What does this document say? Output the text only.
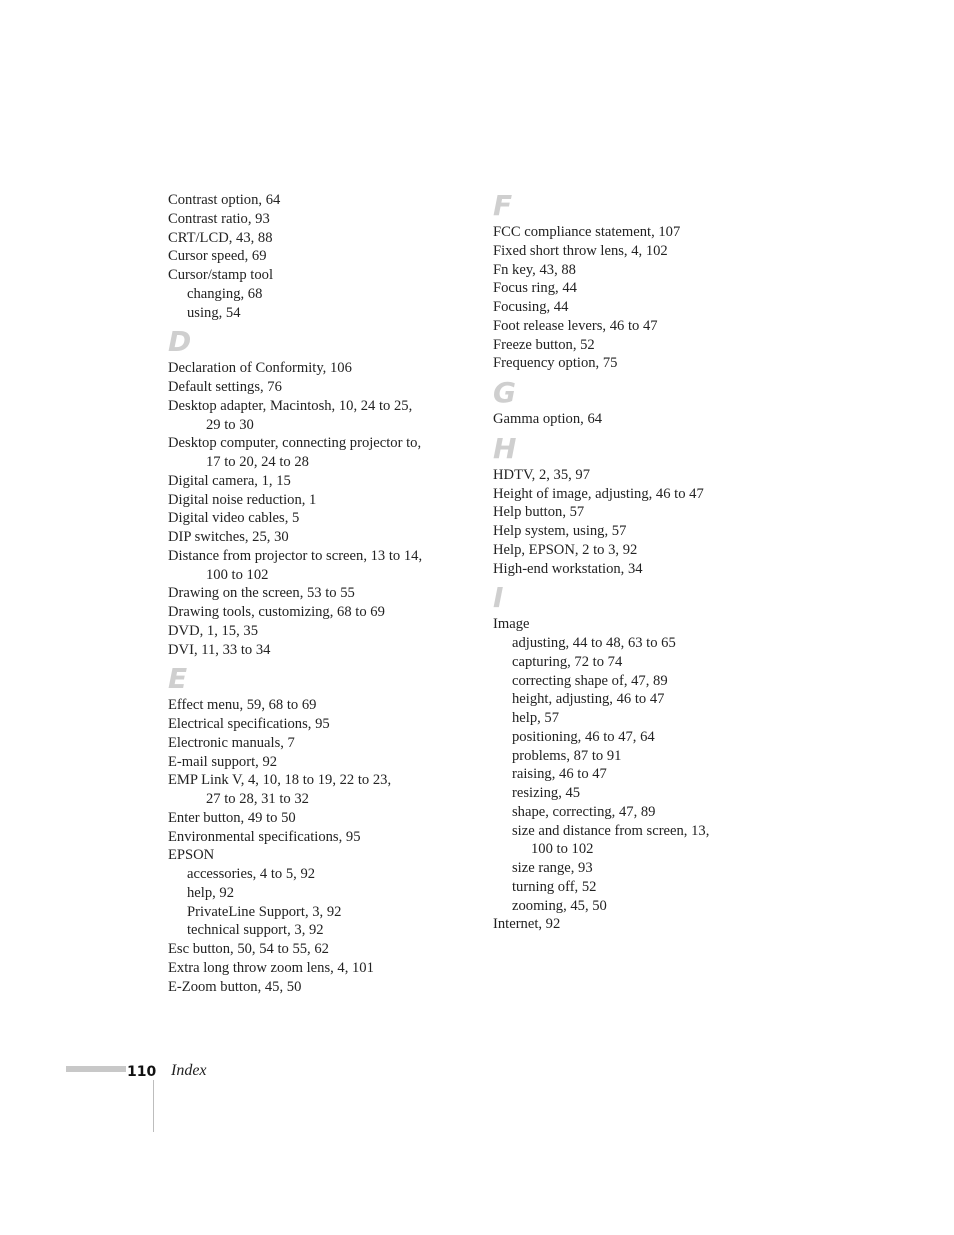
Contrast option, 64
Contrast ratio, 93
CRT/LCD, 43, 88
Cursor speed, 69
Cursor/stamp tool
changing, 68
using, 54
D
Declaration of Conformity, 106
Default settings, 76
Desktop adapter, Macintosh, 10, 24 to 25,
29 to 30
Desktop computer, connecting projector to,
17 to 20, 24 to 28
Digital camera, 1, 15
Digital noise reduction, 1
Digital video cables, 5
DIP switches, 25, 30
Distance from projector to screen, 13 to 14,
100 to 102
Drawing on the screen, 53 to 55
Drawing tools, customizing, 68 to 69
DVD, 1, 15, 35
DVI, 11, 33 to 34
E
Effect menu, 59, 68 to 69
Electrical specifications, 95
Electronic manuals, 7
E-mail support, 92
EMP Link V, 4, 10, 18 to 19, 22 to 23,
27 to 28, 31 to 32
Enter button, 49 to 50
Environmental specifications, 95
EPSON
accessories, 4 to 5, 92
help, 92
PrivateLine Support, 3, 92
technical support, 3, 92
Esc button, 50, 54 to 55, 62
Extra long throw zoom lens, 4, 101
E-Zoom button, 45, 50
F
FCC compliance statement, 107
Fixed short throw lens, 4, 102
Fn key, 43, 88
Focus ring, 44
Focusing, 44
Foot release levers, 46 to 47
Freeze button, 52
Frequency option, 75
G
Gamma option, 64
H
HDTV, 2, 35, 97
Height of image, adjusting, 46 to 47
Help button, 57
Help system, using, 57
Help, EPSON, 2 to 3, 92
High-end workstation, 34
I
Image
adjusting, 44 to 48, 63 to 65
capturing, 72 to 74
correcting shape of, 47, 89
height, adjusting, 46 to 47
help, 57
positioning, 46 to 47, 64
problems, 87 to 91
raising, 46 to 47
resizing, 45
shape, correcting, 47, 89
size and distance from screen, 13,
100 to 102
size range, 93
turning off, 52
zooming, 45, 50
Internet, 92
110 Index
